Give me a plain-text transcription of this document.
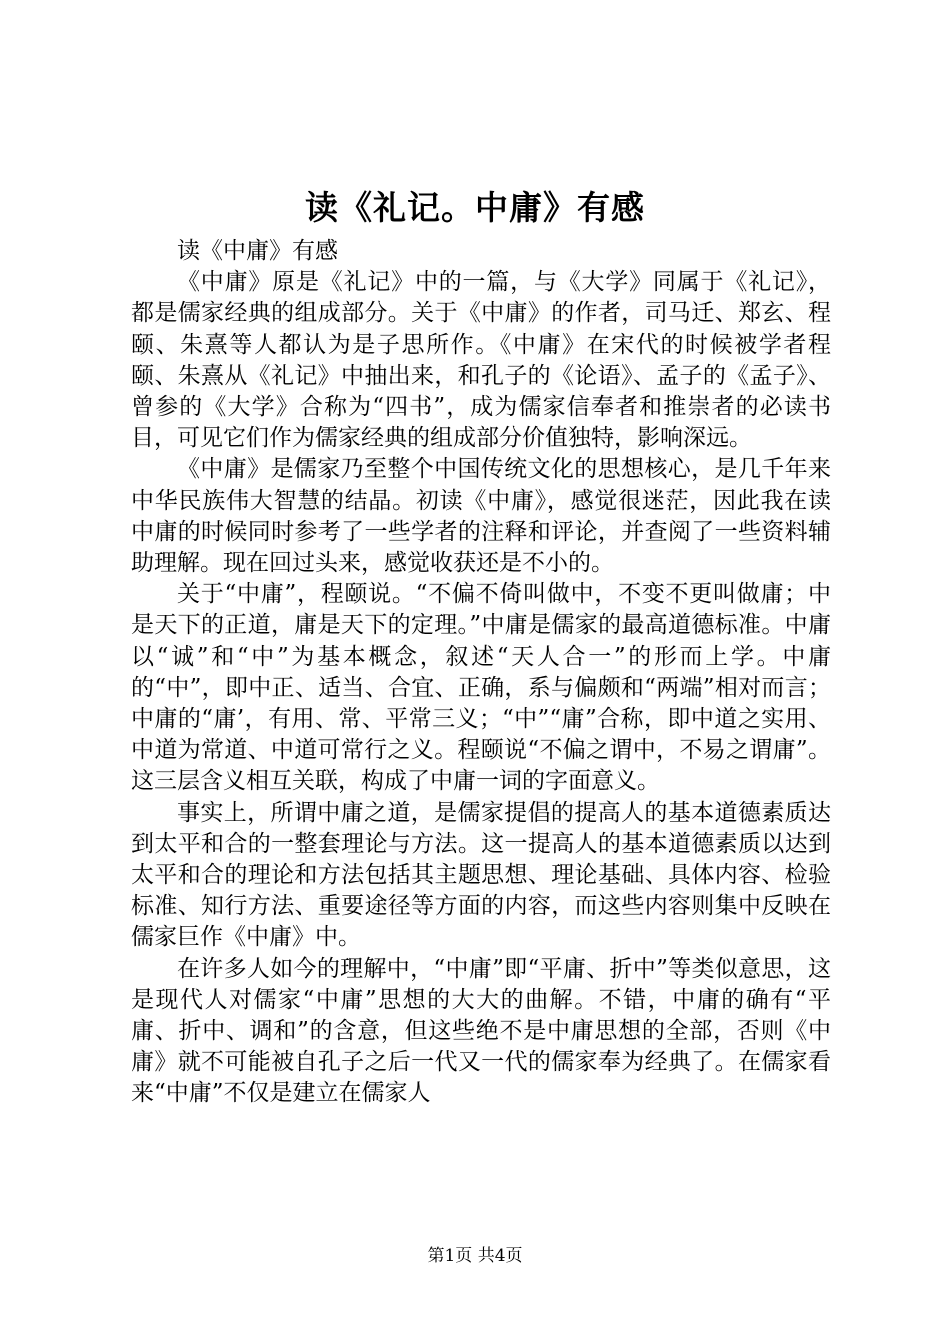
读《礼记。中庸》有感

读《中庸》有感

《中庸》原是《礼记》中的一篇，与《大学》同属于《礼记》，都是儒家经典的组成部分。关于《中庸》的作者，司马迁、郑玄、程颐、朱熹等人都认为是子思所作。《中庸》在宋代的时候被学者程颐、朱熹从《礼记》中抽出来，和孔子的《论语》、孟子的《孟子》、曾参的《大学》合称为“四书”，成为儒家信奉者和推崇者的必读书目，可见它们作为儒家经典的组成部分价值独特，影响深远。

《中庸》是儒家乃至整个中国传统文化的思想核心，是几千年来中华民族伟大智慧的结晶。初读《中庸》，感觉很迷茫，因此我在读中庸的时候同时参考了一些学者的注释和评论，并查阅了一些资料辅助理解。现在回过头来，感觉收获还是不小的。

关于“中庸”，程颐说。“不偏不倚叫做中，不变不更叫做庸；中是天下的正道，庸是天下的定理。”中庸是儒家的最高道德标准。中庸以“诚”和“中”为基本概念，叙述“天人合一”的形而上学。中庸的“中”，即中正、适当、合宜、正确，系与偏颇和“两端”相对而言；中庸的“庸’，有用、常、平常三义；“中”“庸”合称，即中道之实用、中道为常道、中道可常行之义。程颐说“不偏之谓中，不易之谓庸”。这三层含义相互关联，构成了中庸一词的字面意义。

事实上，所谓中庸之道，是儒家提倡的提高人的基本道德素质达到太平和合的一整套理论与方法。这一提高人的基本道德素质以达到太平和合的理论和方法包括其主题思想、理论基础、具体内容、检验标准、知行方法、重要途径等方面的内容，而这些内容则集中反映在儒家巨作《中庸》中。

在许多人如今的理解中，“中庸”即“平庸、折中”等类似意思，这是现代人对儒家“中庸”思想的大大的曲解。不错，中庸的确有“平庸、折中、调和”的含意，但这些绝不是中庸思想的全部，否则《中庸》就不可能被自孔子之后一代又一代的儒家奉为经典了。在儒家看来“中庸”不仅是建立在儒家人

第1页 共4页
